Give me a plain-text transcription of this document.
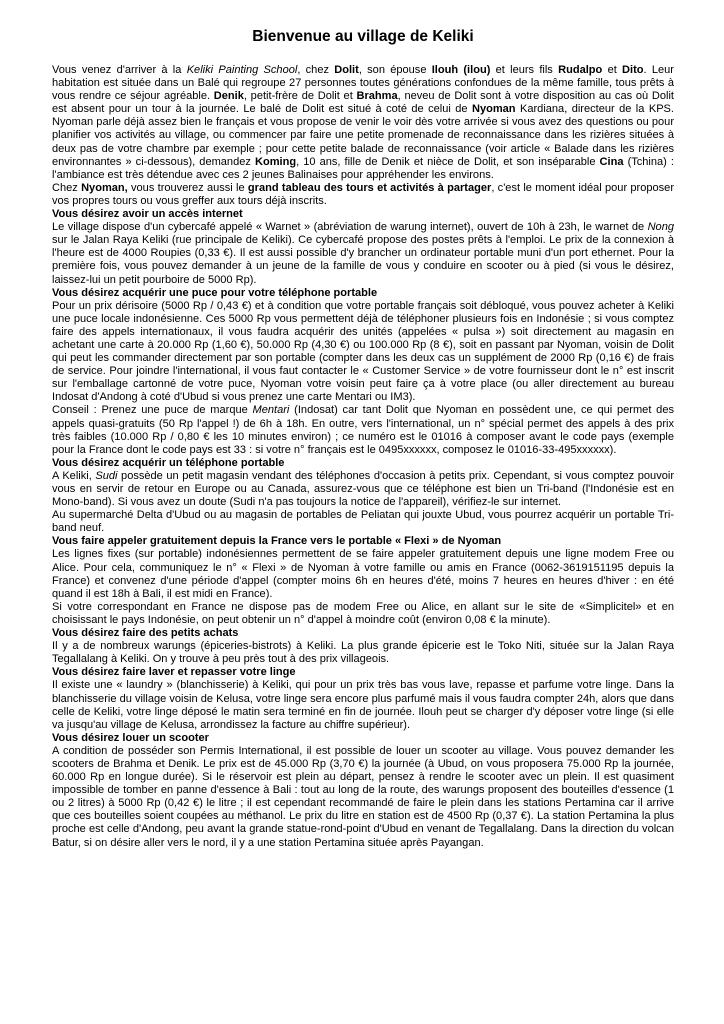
Bienvenue au village de Keliki

Vous venez d'arriver à la Keliki Painting School, chez Dolit, son épouse Ilouh (ilou) et leurs fils Rudalpo et Dito. Leur habitation est située dans un Balé qui regroupe 27 personnes toutes générations confondues de la même famille, tous prêts à vous rendre ce séjour agréable. Denik, petit-frère de Dolit et Brahma, neveu de Dolit sont à votre disposition au cas où Dolit est absent pour un tour à la journée. Le balé de Dolit est situé à coté de celui de Nyoman Kardiana, directeur de la KPS. Nyoman parle déjà assez bien le français et vous propose de venir le voir dès votre arrivée si vous avez des questions ou pour planifier vos activités au village, ou commencer par faire une petite promenade de reconnaissance dans les rizières situées à deux pas de votre chambre par exemple ; pour cette petite balade de reconnaissance (voir article « Balade dans les rizières environnantes » ci-dessous), demandez Koming, 10 ans, fille de Denik et nièce de Dolit, et son inséparable Cina (Tchina) : l'ambiance est très détendue avec ces 2 jeunes Balinaises pour appréhender les environs.

Chez Nyoman, vous trouverez aussi le grand tableau des tours et activités à partager, c'est le moment idéal pour proposer vos propres tours ou vous greffer aux tours déjà inscrits.

Vous désirez avoir un accès internet

Le village dispose d'un cybercafé appelé « Warnet » (abréviation de warung internet), ouvert de 10h à 23h, le warnet de Nong sur le Jalan Raya Keliki (rue principale de Keliki). Ce cybercafé propose des postes prêts à l'emploi. Le prix de la connexion à l'heure est de 4000 Roupies (0,33 €). Il est aussi possible d'y brancher un ordinateur portable muni d'un port ethernet. Pour la première fois, vous pouvez demander à un jeune de la famille de vous y conduire en scooter ou à pied (si vous le désirez, laissez-lui un petit pourboire de 5000 Rp).

Vous désirez acquérir une puce pour votre téléphone portable

Pour un prix dérisoire (5000 Rp / 0,43 €) et à condition que votre portable français soit débloqué, vous pouvez acheter à Keliki une puce locale indonésienne. Ces 5000 Rp vous permettent déjà de téléphoner plusieurs fois en Indonésie ; si vous comptez faire des appels internationaux, il vous faudra acquérir des unités (appelées « pulsa ») soit directement au magasin en achetant une carte à 20.000 Rp (1,60 €), 50.000 Rp (4,30 €) ou 100.000 Rp (8 €), soit en passant par Nyoman, voisin de Dolit qui peut les commander directement par son portable (compter dans les deux cas un supplément de 2000 Rp (0,16 €) de frais de service. Pour joindre l'international, il vous faut contacter le « Customer Service » de votre fournisseur dont le n° est inscrit sur l'emballage cartonné de votre puce, Nyoman votre voisin peut faire ça à votre place (ou aller directement au bureau Indosat d'Andong à coté d'Ubud si vous prenez une carte Mentari ou IM3).

Conseil : Prenez une puce de marque Mentari (Indosat) car tant Dolit que Nyoman en possèdent une, ce qui permet des appels quasi-gratuits (50 Rp l'appel !) de 6h à 18h. En outre, vers l'international, un n° spécial permet des appels à des prix très faibles (10.000 Rp / 0,80 € les 10 minutes environ) ; ce numéro est le 01016 à composer avant le code pays (exemple pour la France dont le code pays est 33 : si votre n° français est le 0495xxxxxx, composez le 01016-33-495xxxxxx).

Vous désirez acquérir un téléphone portable

A Keliki, Sudi possède un petit magasin vendant des téléphones d'occasion à petits prix. Cependant, si vous comptez pouvoir vous en servir de retour en Europe ou au Canada, assurez-vous que ce téléphone est bien un Tri-band (l'Indonésie est en Mono-band). Si vous avez un doute (Sudi n'a pas toujours la notice de l'appareil), vérifiez-le sur internet.

Au supermarché Delta d'Ubud ou au magasin de portables de Peliatan qui jouxte Ubud, vous pourrez acquérir un portable Tri-band neuf.

Vous faire appeler gratuitement depuis la France vers le portable « Flexi » de Nyoman

Les lignes fixes (sur portable) indonésiennes permettent de se faire appeler gratuitement depuis une ligne modem Free ou Alice. Pour cela, communiquez le n° « Flexi » de Nyoman à votre famille ou amis en France (0062-3619151195 depuis la France) et convenez d'une période d'appel (compter moins 6h en heures d'été, moins 7 heures en heures d'hiver : en été quand il est 18h à Bali, il est midi en France).

Si votre correspondant en France ne dispose pas de modem Free ou Alice, en allant sur le site de «Simplicitel» et en choisissant le pays Indonésie, on peut obtenir un n° d'appel à moindre coût (environ 0,08 € la minute).

Vous désirez faire des petits achats

Il y a de nombreux warungs (épiceries-bistrots) à Keliki. La plus grande épicerie est le Toko Niti, située sur la Jalan Raya Tegallalang à Keliki. On y trouve à peu près tout à des prix villageois.

Vous désirez faire laver et repasser votre linge

Il existe une « laundry » (blanchisserie) à Keliki, qui pour un prix très bas vous lave, repasse et parfume votre linge. Dans la blanchisserie du village voisin de Kelusa, votre linge sera encore plus parfumé mais il vous faudra compter 24h, alors que dans celle de Keliki, votre linge déposé le matin sera terminé en fin de journée. Ilouh peut se charger d'y déposer votre linge (si elle va jusqu'au village de Kelusa, arrondissez la facture au chiffre supérieur).

Vous désirez louer un scooter

A condition de posséder son Permis International, il est possible de louer un scooter au village. Vous pouvez demander les scooters de Brahma et Denik. Le prix est de 45.000 Rp (3,70 €) la journée (à Ubud, on vous proposera 75.000 Rp la journée, 60.000 Rp en longue durée). Si le réservoir est plein au départ, pensez à rendre le scooter avec un plein. Il est quasiment impossible de tomber en panne d'essence à Bali : tout au long de la route, des warungs proposent des bouteilles d'essence (1 ou 2 litres) à 5000 Rp (0,42 €) le litre ; il est cependant recommandé de faire le plein dans les stations Pertamina car il arrive que ces bouteilles soient coupées au méthanol. Le prix du litre en station est de 4500 Rp (0,37 €). La station Pertamina la plus proche est celle d'Andong, peu avant la grande statue-rond-point d'Ubud en venant de Tegallalang. Dans la direction du volcan Batur, si on désire aller vers le nord, il y a une station Pertamina située après Payangan.
